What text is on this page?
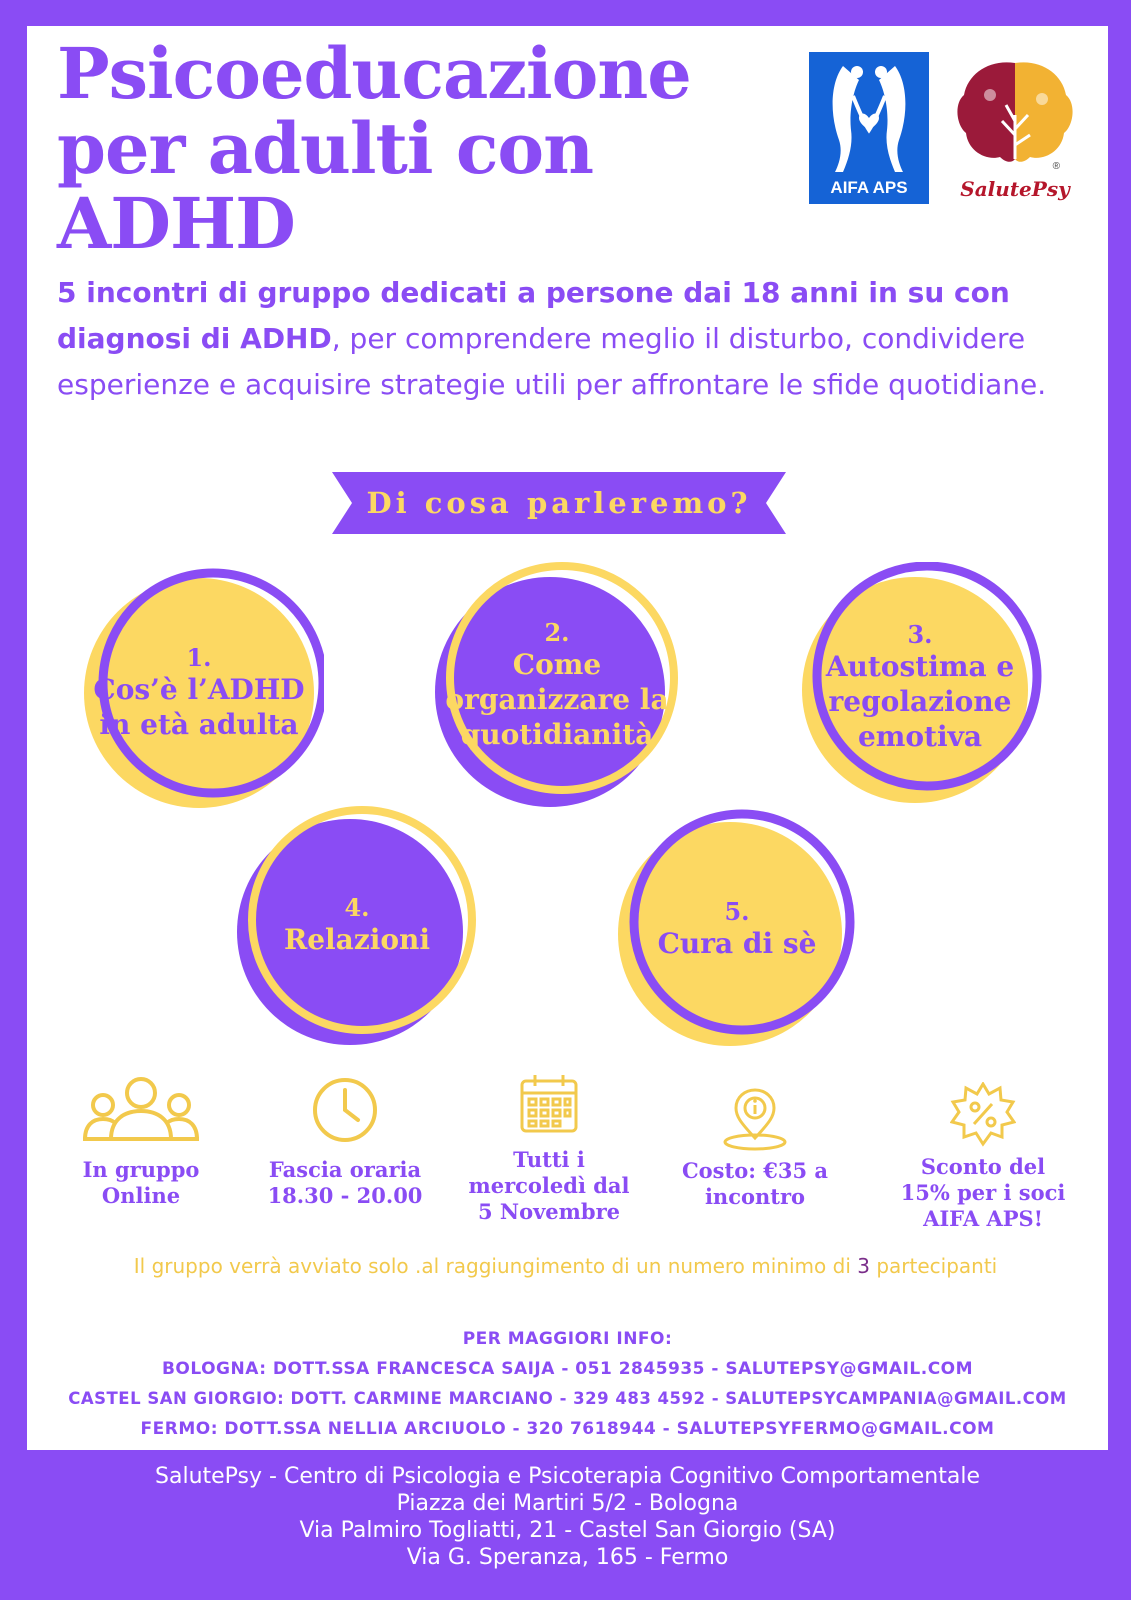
Psicoeducazione
per adulti con
ADHD	AIFA APS
®
SalutePsy

5 incontri di gruppo dedicati a persone dai 18 anni in su con diagnosi di ADHD, per comprendere meglio il disturbo, condividere esperienze e acquisire strategie utili per affrontare le sfide quotidiane.

Di cosa parleremo?
1.
Cos’è l’ADHD in età adulta
2.
Come organizzare la quotidianità
3.
Autostima e regolazione emotiva
4.
Relazioni
5.
Cura di sè
In gruppo Online
Fascia oraria 18.30 - 20.00
Tutti i mercoledì dal 5 Novembre
Costo: €35 a incontro
Sconto del 15% per i soci AIFA APS!
Il gruppo verrà avviato solo .al raggiungimento di un numero minimo di 3 partecipanti
PER MAGGIORI INFO:
BOLOGNA: DOTT.SSA FRANCESCA SAIJA - 051 2845935 - SALUTEPSY@GMAIL.COM
CASTEL SAN GIORGIO: DOTT. CARMINE MARCIANO - 329 483 4592 - SALUTEPSYCAMPANIA@GMAIL.COM
FERMO: DOTT.SSA NELLIA ARCIUOLO - 320 7618944 - SALUTEPSYFERMO@GMAIL.COM
SalutePsy - Centro di Psicologia e Psicoterapia Cognitivo Comportamentale
Piazza dei Martiri 5/2 - Bologna
Via Palmiro Togliatti, 21 - Castel San Giorgio (SA)
Via G. Speranza, 165 - Fermo
